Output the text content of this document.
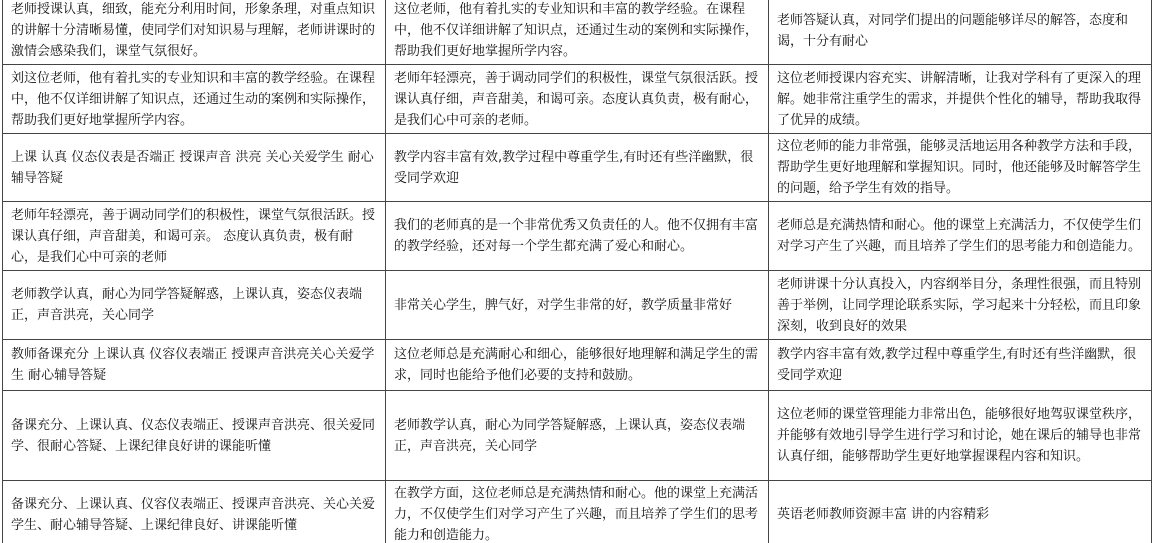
老师授课认真，细致，能充分利用时间，形象条理，对重点知识的讲解十分清晰易懂，使同学们对知识易与理解，老师讲课时的激情会感染我们，课堂气氛很好。	这位老师，他有着扎实的专业知识和丰富的教学经验。在课程中，他不仅详细讲解了知识点，还通过生动的案例和实际操作，帮助我们更好地掌握所学内容。	老师答疑认真，对同学们提出的问题能够详尽的解答，态度和谒，十分有耐心
刘这位老师，他有着扎实的专业知识和丰富的教学经验。在课程中，他不仅详细讲解了知识点，还通过生动的案例和实际操作，帮助我们更好地掌握所学内容。	老师年轻漂亮，善于调动同学们的积极性，课堂气氛很活跃。授课认真仔细，声音甜美，和谒可亲。态度认真负责，极有耐心，是我们心中可亲的老师。	这位老师授课内容充实、讲解清晰，让我对学科有了更深入的理解。她非常注重学生的需求，并提供个性化的辅导，帮助我取得了优异的成绩。
上课 认真 仪态仪表是否端正 授课声音 洪亮 关心关爱学生 耐心辅导答疑	教学内容丰富有效,教学过程中尊重学生,有时还有些洋幽默，很受同学欢迎	这位老师的能力非常强，能够灵活地运用各种教学方法和手段，帮助学生更好地理解和掌握知识。同时，他还能够及时解答学生的问题，给予学生有效的指导。
老师年轻漂亮，善于调动同学们的积极性，课堂气氛很活跃。授课认真仔细，声音甜美，和谒可亲。 态度认真负责，极有耐心，是我们心中可亲的老师	我们的老师真的是一个非常优秀又负责任的人。他不仅拥有丰富的教学经验，还对每一个学生都充满了爱心和耐心。	老师总是充满热情和耐心。他的课堂上充满活力，不仅使学生们对学习产生了兴趣，而且培养了学生们的思考能力和创造能力。
老师教学认真，耐心为同学答疑解惑，上课认真，姿态仪表端正，声音洪亮，关心同学	非常关心学生，脾气好，对学生非常的好，教学质量非常好	老师讲课十分认真投入，内容纲举目分，条理性很强，而且特别善于举例，让同学理论联系实际，学习起来十分轻松，而且印象深刻，收到良好的效果
教师备课充分 上课认真 仪容仪表端正 授课声音洪亮关心关爱学生 耐心辅导答疑	这位老师总是充满耐心和细心，能够很好地理解和满足学生的需求，同时也能给予他们必要的支持和鼓励。	教学内容丰富有效,教学过程中尊重学生,有时还有些洋幽默，很受同学欢迎
备课充分、上课认真、仪态仪表端正、授课声音洪亮、很关爱同学、很耐心答疑、上课纪律良好讲的课能听懂	老师教学认真，耐心为同学答疑解惑，上课认真，姿态仪表端正，声音洪亮，关心同学	这位老师的课堂管理能力非常出色，能够很好地驾驭课堂秩序，并能够有效地引导学生进行学习和讨论，她在课后的辅导也非常认真仔细，能够帮助学生更好地掌握课程内容和知识。
备课充分、上课认真、仪容仪表端正、授课声音洪亮、关心关爱学生、耐心辅导答疑、上课纪律良好、讲课能听懂	在教学方面，这位老师总是充满热情和耐心。他的课堂上充满活力，不仅使学生们对学习产生了兴趣，而且培养了学生们的思考能力和创造能力。	英语老师教师资源丰富 讲的内容精彩
